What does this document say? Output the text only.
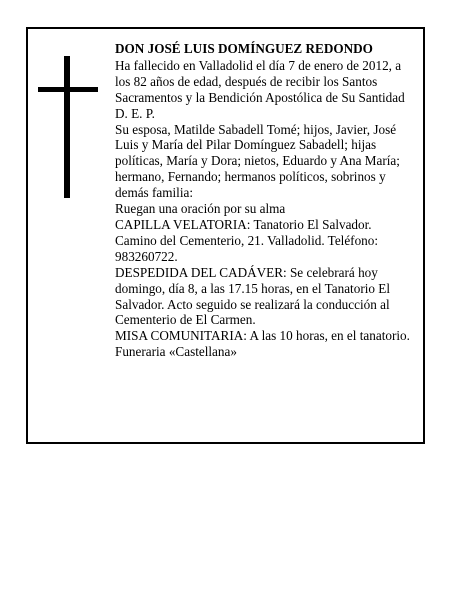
DON JOSÉ LUIS DOMÍNGUEZ REDONDO

Ha fallecido en Valladolid el día 7 de enero de 2012, a los 82 años de edad, después de recibir los Santos Sacramentos y la Bendición Apostólica de Su Santidad D. E. P.

Su esposa, Matilde Sabadell Tomé; hijos, Javier, José Luis y María del Pilar Domínguez Sabadell; hijas políticas, María y Dora; nietos, Eduardo y Ana María; hermano, Fernando; hermanos políticos, sobrinos y demás familia:

Ruegan una oración por su alma

CAPILLA VELATORIA: Tanatorio El Salvador. Camino del Cementerio, 21. Valladolid. Teléfono: 983260722.

DESPEDIDA DEL CADÁVER: Se celebrará hoy domingo, día 8, a las 17.15 horas, en el Tanatorio El Salvador. Acto seguido se realizará la conducción al Cementerio de El Carmen.

MISA COMUNITARIA: A las 10 horas, en el tanatorio.

Funeraria «Castellana»
